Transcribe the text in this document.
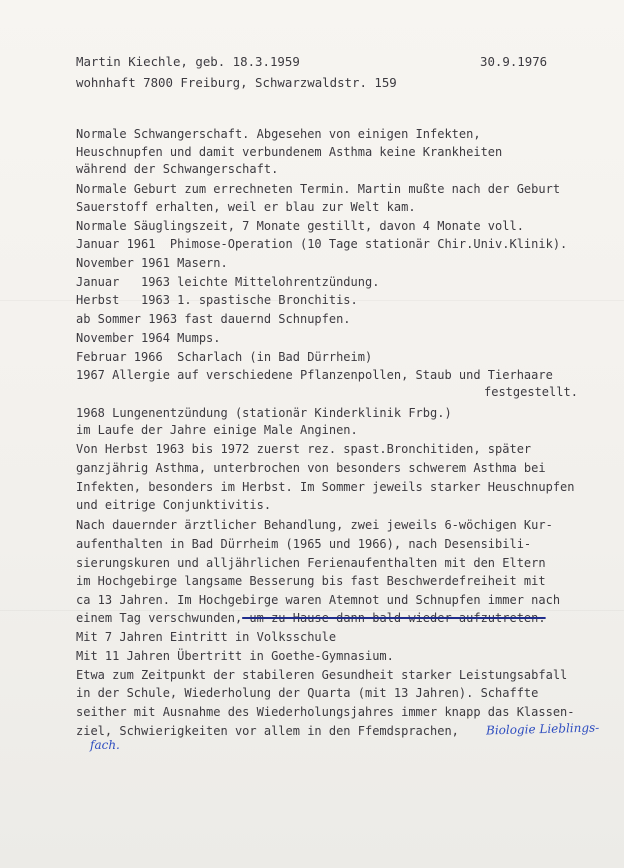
Martin Kiechle, geb. 18.3.1959	30.9.1976
wohnhaft 7800 Freiburg, Schwarzwaldstr. 159
Normale Schwangerschaft. Abgesehen von einigen Infekten,
Heuschnupfen und damit verbundenem Asthma keine Krankheiten
während der Schwangerschaft.
Normale Geburt zum errechneten Termin. Martin mußte nach der Geburt
Sauerstoff erhalten, weil er blau zur Welt kam.
Normale Säuglingszeit, 7 Monate gestillt, davon 4 Monate voll.
Januar 1961  Phimose-Operation (10 Tage stationär Chir.Univ.Klinik).
November 1961 Masern.
Januar   1963 leichte Mittelohrentzündung.
Herbst   1963 1. spastische Bronchitis.
ab Sommer 1963 fast dauernd Schnupfen.
November 1964 Mumps.
Februar 1966  Scharlach (in Bad Dürrheim)
1967 Allergie auf verschiedene Pflanzenpollen, Staub und Tierhaare
festgestellt.
1968 Lungenentzündung (stationär Kinderklinik Frbg.)
im Laufe der Jahre einige Male Anginen.
Von Herbst 1963 bis 1972 zuerst rez. spast.Bronchitiden, später
ganzjährig Asthma, unterbrochen von besonders schwerem Asthma bei
Infekten, besonders im Herbst. Im Sommer jeweils starker Heuschnupfen
und eitrige Conjunktivitis.
Nach dauernder ärztlicher Behandlung, zwei jeweils 6-wöchigen Kur-
aufenthalten in Bad Dürrheim (1965 und 1966), nach Desensibili-
sierungskuren und alljährlichen Ferienaufenthalten mit den Eltern
im Hochgebirge langsame Besserung bis fast Beschwerdefreiheit mit
ca 13 Jahren. Im Hochgebirge waren Atemnot und Schnupfen immer nach
einem Tag verschwunden, um zu Hause dann bald wieder aufzutreten.
Mit 7 Jahren Eintritt in Volksschule
Mit 11 Jahren Übertritt in Goethe-Gymnasium.
Etwa zum Zeitpunkt der stabileren Gesundheit starker Leistungsabfall
in der Schule, Wiederholung der Quarta (mit 13 Jahren). Schaffte
seither mit Ausnahme des Wiederholungsjahres immer knapp das Klassen-
ziel, Schwierigkeiten vor allem in den Ffemdsprachen, Biologie Lieblings-
fach.
